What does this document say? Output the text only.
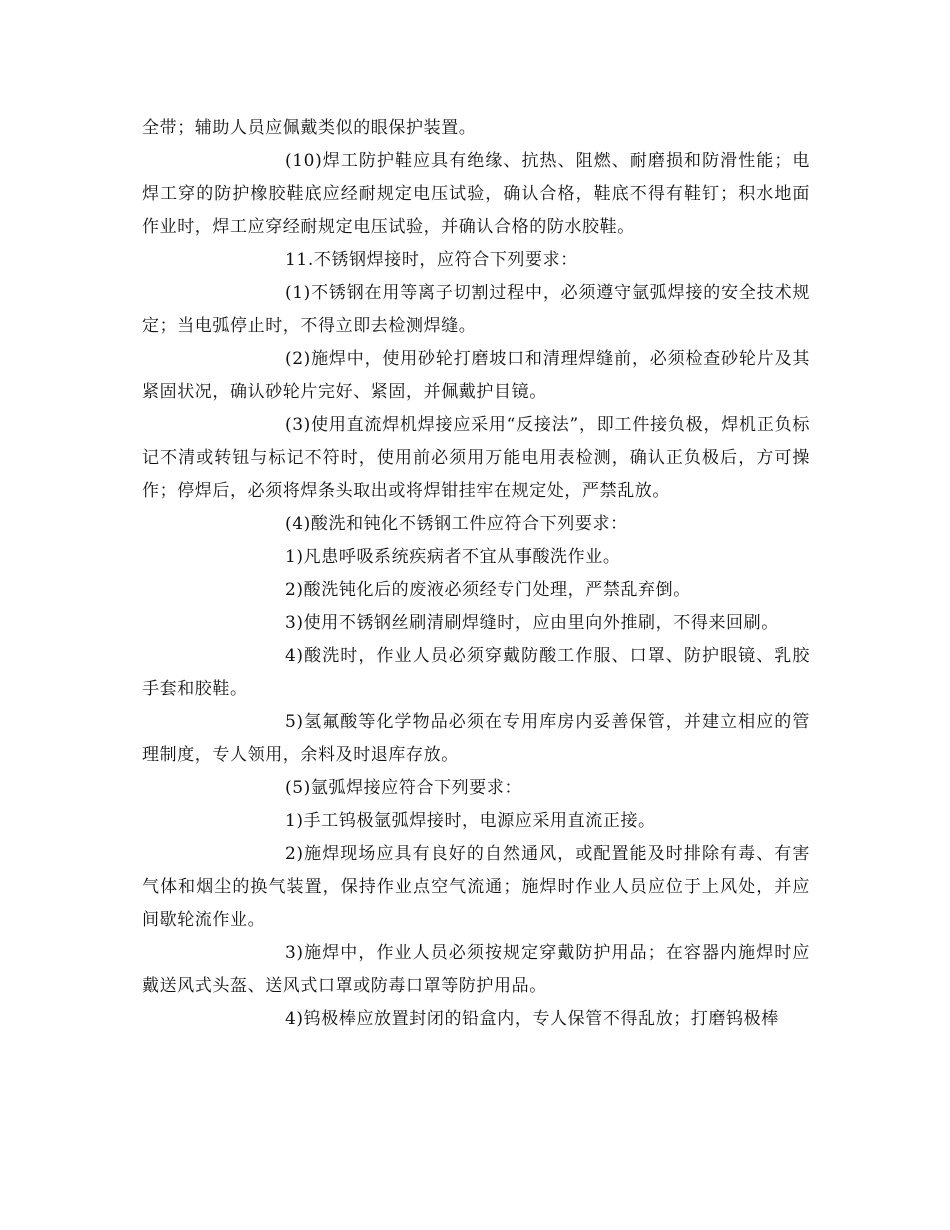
全带；辅助人员应佩戴类似的眼保护装置。

(10)焊工防护鞋应具有绝缘、抗热、阻燃、耐磨损和防滑性能；电焊工穿的防护橡胶鞋底应经耐规定电压试验，确认合格，鞋底不得有鞋钉；积水地面作业时，焊工应穿经耐规定电压试验，并确认合格的防水胶鞋。

11.不锈钢焊接时，应符合下列要求：

(1)不锈钢在用等离子切割过程中，必须遵守氩弧焊接的安全技术规定；当电弧停止时，不得立即去检测焊缝。

(2)施焊中，使用砂轮打磨坡口和清理焊缝前，必须检查砂轮片及其紧固状况，确认砂轮片完好、紧固，并佩戴护目镜。

(3)使用直流焊机焊接应采用“反接法”，即工件接负极，焊机正负标记不清或转钮与标记不符时，使用前必须用万能电用表检测，确认正负极后，方可操作；停焊后，必须将焊条头取出或将焊钳挂牢在规定处，严禁乱放。

(4)酸洗和钝化不锈钢工件应符合下列要求：

1)凡患呼吸系统疾病者不宜从事酸洗作业。

2)酸洗钝化后的废液必须经专门处理，严禁乱弃倒。

3)使用不锈钢丝刷清刷焊缝时，应由里向外推刷，不得来回刷。

4)酸洗时，作业人员必须穿戴防酸工作服、口罩、防护眼镜、乳胶手套和胶鞋。

5)氢氟酸等化学物品必须在专用库房内妥善保管，并建立相应的管理制度，专人领用，余料及时退库存放。

(5)氩弧焊接应符合下列要求：

1)手工钨极氩弧焊接时，电源应采用直流正接。

2)施焊现场应具有良好的自然通风，或配置能及时排除有毒、有害气体和烟尘的换气装置，保持作业点空气流通；施焊时作业人员应位于上风处，并应间歇轮流作业。

3)施焊中，作业人员必须按规定穿戴防护用品；在容器内施焊时应戴送风式头盔、送风式口罩或防毒口罩等防护用品。

4)钨极棒应放置封闭的铅盒内，专人保管不得乱放；打磨钨极棒
